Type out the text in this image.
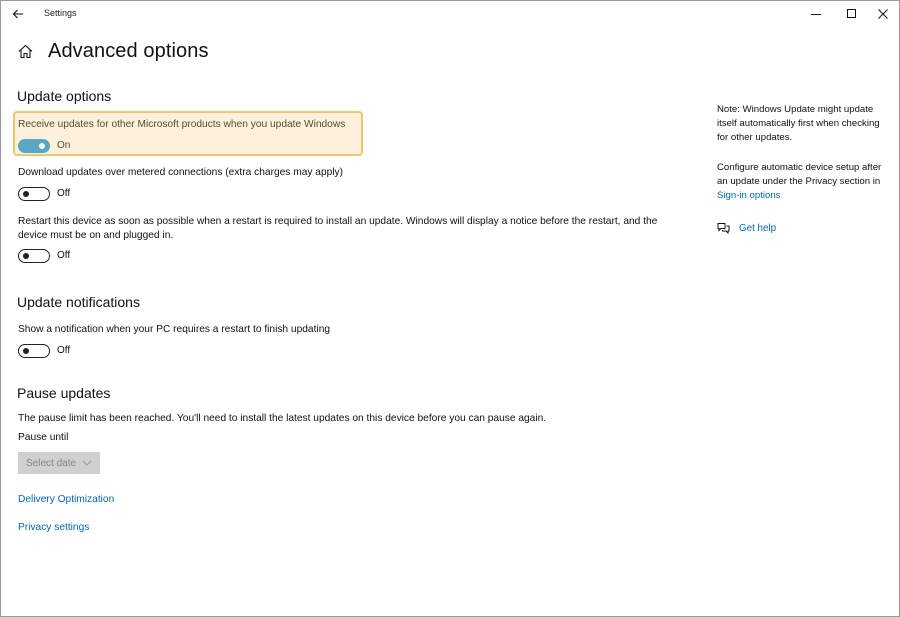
Settings
Advanced options
Update options
Receive updates for other Microsoft products when you update Windows
On
Download updates over metered connections (extra charges may apply)
Off
Restart this device as soon as possible when a restart is required to install an update. Windows will display a notice before the restart, and the
device must be on and plugged in.
Off
Update notifications
Show a notification when your PC requires a restart to finish updating
Off
Pause updates
The pause limit has been reached. You'll need to install the latest updates on this device before you can pause again.
Pause until
Select date
Delivery Optimization
Privacy settings
Note: Windows Update might update itself automatically first when checking for other updates.
Configure automatic device setup after an update under the Privacy section in Sign-in options
Get help
